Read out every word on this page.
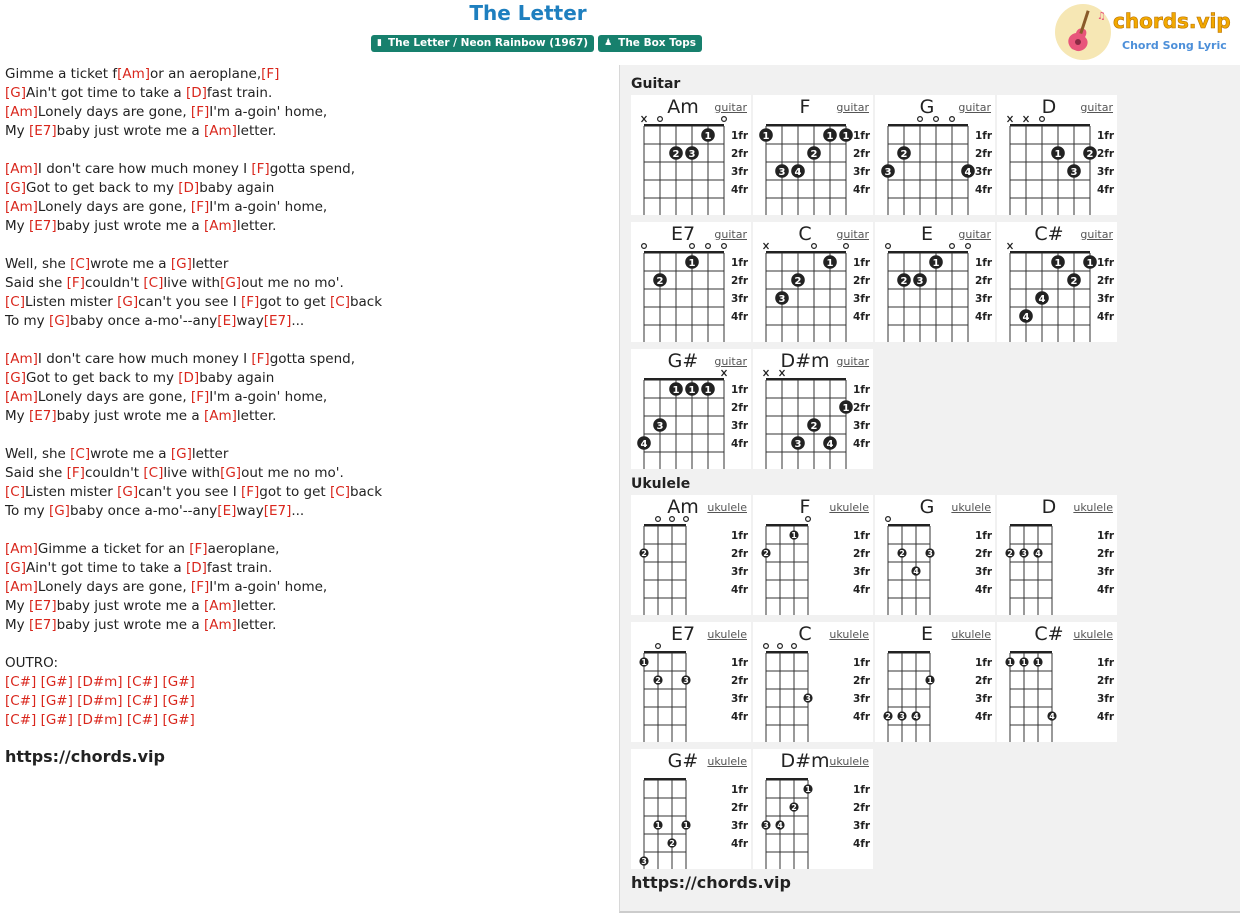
The Letter
▮ The Letter / Neon Rainbow (1967) ♟ The Box Tops
♫ chords.vip
Chord Song Lyric
Gimme a ticket f[Am]or an aeroplane,[F]
[G]Ain't got time to take a [D]fast train.
[Am]Lonely days are gone, [F]I'm a-goin' home,
My [E7]baby just wrote me a [Am]letter.
[Am]I don't care how much money I [F]gotta spend,
[G]Got to get back to my [D]baby again
[Am]Lonely days are gone, [F]I'm a-goin' home,
My [E7]baby just wrote me a [Am]letter.
Well, she [C]wrote me a [G]letter
Said she [F]couldn't [C]live with[G]out me no mo'.
[C]Listen mister [G]can't you see I [F]got to get [C]back
To my [G]baby once a-mo'--any[E]way[E7]...
[Am]I don't care how much money I [F]gotta spend,
[G]Got to get back to my [D]baby again
[Am]Lonely days are gone, [F]I'm a-goin' home,
My [E7]baby just wrote me a [Am]letter.
Well, she [C]wrote me a [G]letter
Said she [F]couldn't [C]live with[G]out me no mo'.
[C]Listen mister [G]can't you see I [F]got to get [C]back
To my [G]baby once a-mo'--any[E]way[E7]...
[Am]Gimme a ticket for an [F]aeroplane,
[G]Ain't got time to take a [D]fast train.
[Am]Lonely days are gone, [F]I'm a-goin' home,
My [E7]baby just wrote me a [Am]letter.
My [E7]baby just wrote me a [Am]letter.
OUTRO:
[C#] [G#] [D#m] [C#] [G#]
[C#] [G#] [D#m] [C#] [G#]
[C#] [G#] [D#m] [C#] [G#]
https://chords.vip
Guitar
1fr
2fr
3fr
4fr
1
2 3
Am	guitar
1fr
2fr
3fr
4fr
1	1 1
2
3 4
F	guitar
1fr
2fr
3fr
4fr
2
3	4
G	guitar
1fr
2fr
3fr
4fr
1	2
3
D	guitar
1fr
2fr
3fr
4fr
1
2
E7	guitar
1fr
2fr
3fr
4fr
1
2
3
C	guitar
1fr
2fr
3fr
4fr
1
2 3
E	guitar
1fr
2fr
3fr
4fr
1	1
2
4
4
C#	guitar
1fr
2fr
3fr
4fr
1 1 1
3
4
G#	guitar
1fr
2fr
3fr
4fr
1
2
3	4
D#m guitar
Ukulele
1fr
2fr
3fr
4fr
2
Am ukulele
1fr
2fr
3fr
4fr
1
2
F	ukulele
1fr
2fr
3fr
4fr
2	3
4
G	ukulele
1fr
2fr
3fr
4fr
2 3 4
D	ukulele
1fr
2fr
3fr
4fr
1
2	3
E7	ukulele
1fr
2fr
3fr
4fr
3
C	ukulele
1fr
2fr
3fr
4fr
1
2 3 4
E	ukulele
1fr
2fr
3fr
4fr
1 1 1
4
C# ukulele
1fr
2fr
3fr
4fr
1	1
2
3
G# ukulele
1fr
2fr
3fr
4fr
1
2
3 4
D#m ukulele
https://chords.vip
